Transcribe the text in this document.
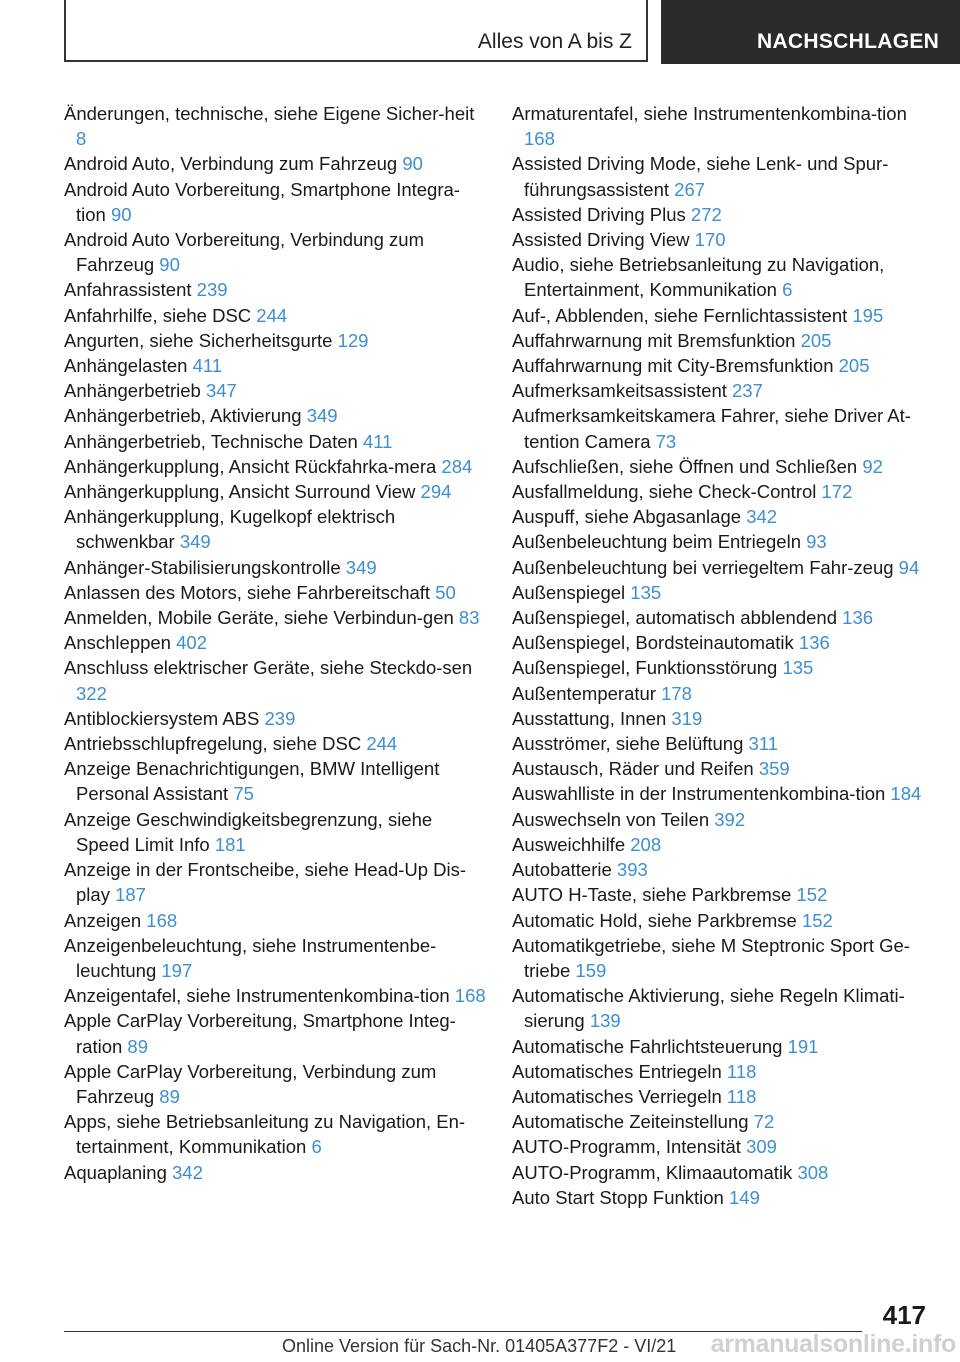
Alles von A bis Z	NACHSCHLAGEN

Änderungen, technische, siehe Eigene Sicher-heit 8

Android Auto, Verbindung zum Fahrzeug 90

Android Auto Vorbereitung, Smartphone Integra-tion 90

Android Auto Vorbereitung, Verbindung zum Fahrzeug 90

Anfahrassistent 239

Anfahrhilfe, siehe DSC 244

Angurten, siehe Sicherheitsgurte 129

Anhängelasten 411

Anhängerbetrieb 347

Anhängerbetrieb, Aktivierung 349

Anhängerbetrieb, Technische Daten 411

Anhängerkupplung, Ansicht Rückfahrka-mera 284

Anhängerkupplung, Ansicht Surround View 294

Anhängerkupplung, Kugelkopf elektrisch schwenkbar 349

Anhänger-Stabilisierungskontrolle 349

Anlassen des Motors, siehe Fahrbereitschaft 50

Anmelden, Mobile Geräte, siehe Verbindun-gen 83

Anschleppen 402

Anschluss elektrischer Geräte, siehe Steckdo-sen 322

Antiblockiersystem ABS 239

Antriebsschlupfregelung, siehe DSC 244

Anzeige Benachrichtigungen, BMW Intelligent Personal Assistant 75

Anzeige Geschwindigkeitsbegrenzung, siehe Speed Limit Info 181

Anzeige in der Frontscheibe, siehe Head-Up Dis-play 187

Anzeigen 168

Anzeigenbeleuchtung, siehe Instrumentenbe-leuchtung 197

Anzeigentafel, siehe Instrumentenkombina-tion 168

Apple CarPlay Vorbereitung, Smartphone Integ-ration 89

Apple CarPlay Vorbereitung, Verbindung zum Fahrzeug 89

Apps, siehe Betriebsanleitung zu Navigation, En-tertainment, Kommunikation 6

Aquaplaning 342

Armaturentafel, siehe Instrumentenkombina-tion 168

Assisted Driving Mode, siehe Lenk- und Spur-führungsassistent 267

Assisted Driving Plus 272

Assisted Driving View 170

Audio, siehe Betriebsanleitung zu Navigation, Entertainment, Kommunikation 6

Auf-, Abblenden, siehe Fernlichtassistent 195

Auffahrwarnung mit Bremsfunktion 205

Auffahrwarnung mit City-Bremsfunktion 205

Aufmerksamkeitsassistent 237

Aufmerksamkeitskamera Fahrer, siehe Driver At-tention Camera 73

Aufschließen, siehe Öffnen und Schließen 92

Ausfallmeldung, siehe Check-Control 172

Auspuff, siehe Abgasanlage 342

Außenbeleuchtung beim Entriegeln 93

Außenbeleuchtung bei verriegeltem Fahr-zeug 94

Außenspiegel 135

Außenspiegel, automatisch abblendend 136

Außenspiegel, Bordsteinautomatik 136

Außenspiegel, Funktionsstörung 135

Außentemperatur 178

Ausstattung, Innen 319

Ausströmer, siehe Belüftung 311

Austausch, Räder und Reifen 359

Auswahlliste in der Instrumentenkombina-tion 184

Auswechseln von Teilen 392

Ausweichhilfe 208

Autobatterie 393

AUTO H-Taste, siehe Parkbremse 152

Automatic Hold, siehe Parkbremse 152

Automatikgetriebe, siehe M Steptronic Sport Ge-triebe 159

Automatische Aktivierung, siehe Regeln Klimati-sierung 139

Automatische Fahrlichtsteuerung 191

Automatisches Entriegeln 118

Automatisches Verriegeln 118

Automatische Zeiteinstellung 72

AUTO-Programm, Intensität 309

AUTO-Programm, Klimaautomatik 308

Auto Start Stopp Funktion 149

417
Online Version für Sach-Nr. 01405A377F2 - VI/21 armanualsonline.info
